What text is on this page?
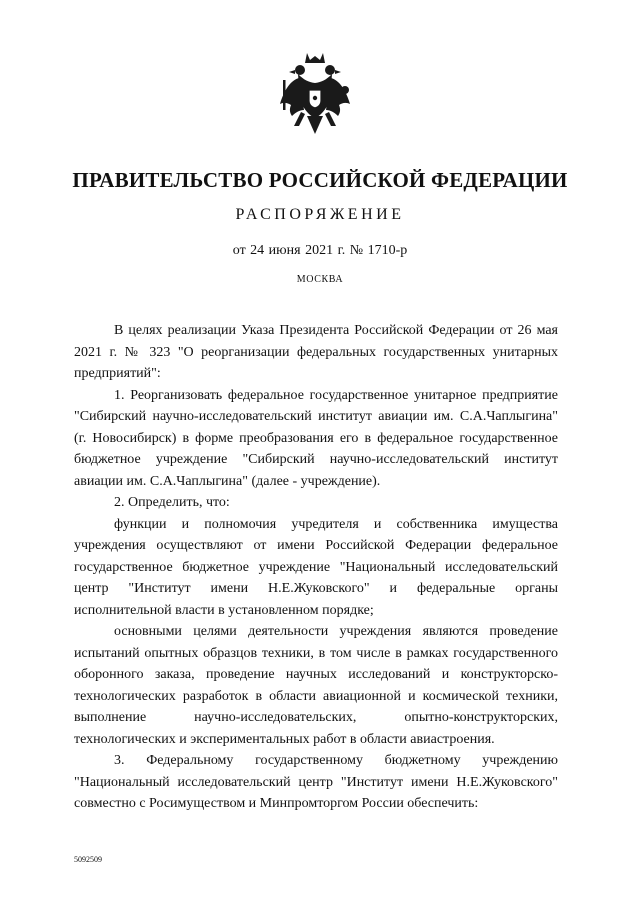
ПРАВИТЕЛЬСТВО РОССИЙСКОЙ ФЕДЕРАЦИИ
РАСПОРЯЖЕНИЕ
от 24 июня 2021 г. № 1710-р
МОСКВА

В целях реализации Указа Президента Российской Федерации от 26 мая 2021 г. № 323 "О реорганизации федеральных государственных унитарных предприятий":

1. Реорганизовать федеральное государственное унитарное предприятие "Сибирский научно-исследовательский институт авиации им. С.А.Чаплыгина" (г. Новосибирск) в форме преобразования его в федеральное государственное бюджетное учреждение "Сибирский научно-исследовательский институт авиации им. С.А.Чаплыгина" (далее - учреждение).

2. Определить, что:

функции и полномочия учредителя и собственника имущества учреждения осуществляют от имени Российской Федерации федеральное государственное бюджетное учреждение "Национальный исследовательский центр "Институт имени Н.Е.Жуковского" и федеральные органы исполнительной власти в установленном порядке;

основными целями деятельности учреждения являются проведение испытаний опытных образцов техники, в том числе в рамках государственного оборонного заказа, проведение научных исследований и конструкторско-технологических разработок в области авиационной и космической техники, выполнение научно-исследовательских, опытно-конструкторских, технологических и экспериментальных работ в области авиастроения.

3. Федеральному государственному бюджетному учреждению "Национальный исследовательский центр "Институт имени Н.Е.Жуковского" совместно с Росимуществом и Минпромторгом России обеспечить:

5092509
